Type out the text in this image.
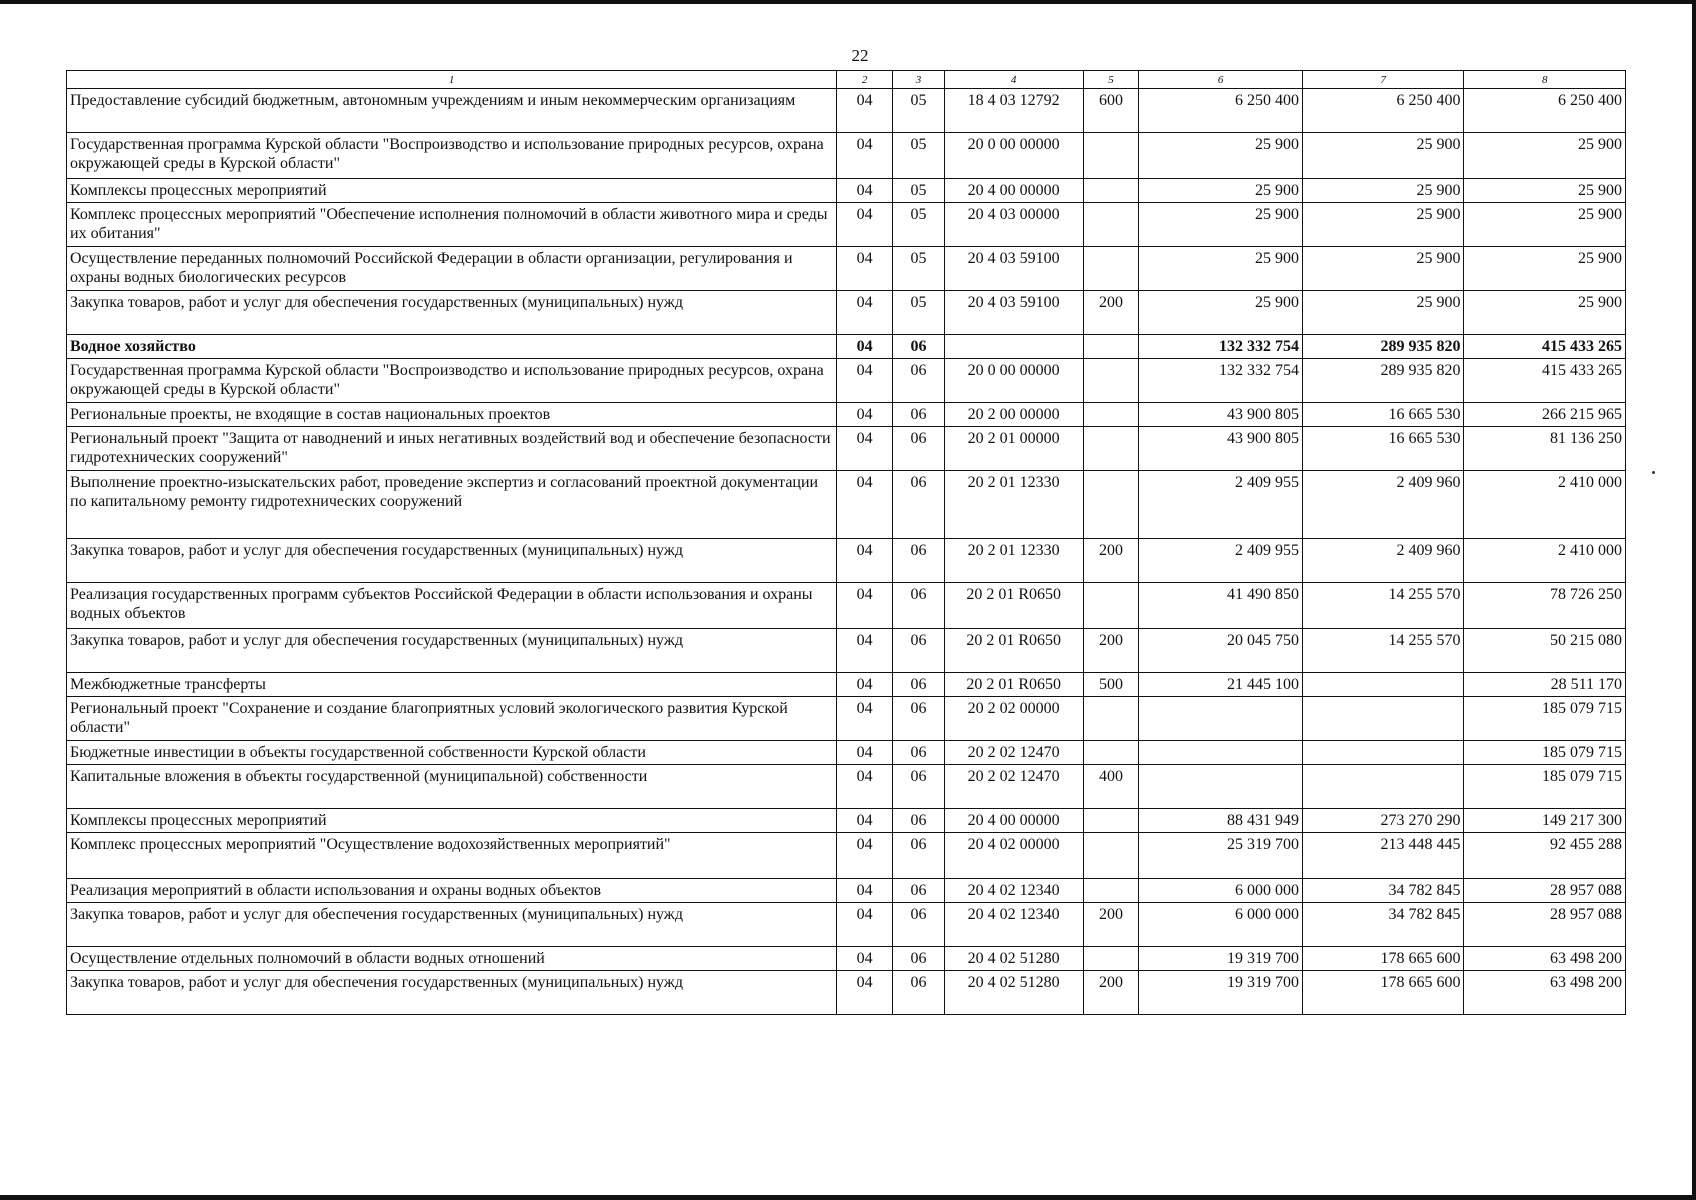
22
1	2	3	4	5	6	7	8
Предоставление субсидий бюджетным, автономным учреждениям и иным некоммерческим организациям	04	05	18 4 03 12792	600	6 250 400	6 250 400	6 250 400
Государственная программа Курской области "Воспроизводство и использование природных ресурсов, охрана окружающей среды в Курской области"	04	05	20 0 00 00000		25 900	25 900	25 900
Комплексы процессных мероприятий	04	05	20 4 00 00000		25 900	25 900	25 900
Комплекс процессных мероприятий "Обеспечение исполнения полномочий в области животного мира и среды их обитания"	04	05	20 4 03 00000		25 900	25 900	25 900
Осуществление переданных полномочий Российской Федерации в области организации, регулирования и охраны водных биологических ресурсов	04	05	20 4 03 59100		25 900	25 900	25 900
Закупка товаров, работ и услуг для обеспечения государственных (муниципальных) нужд	04	05	20 4 03 59100	200	25 900	25 900	25 900
Водное хозяйство	04	06			132 332 754	289 935 820	415 433 265
Государственная программа Курской области "Воспроизводство и использование природных ресурсов, охрана окружающей среды в Курской области"	04	06	20 0 00 00000		132 332 754	289 935 820	415 433 265
Региональные проекты, не входящие в состав национальных проектов	04	06	20 2 00 00000		43 900 805	16 665 530	266 215 965
Региональный проект "Защита от наводнений и иных негативных воздействий вод и обеспечение безопасности гидротехнических сооружений"	04	06	20 2 01 00000		43 900 805	16 665 530	81 136 250
Выполнение проектно-изыскательских работ, проведение экспертиз и согласований проектной документации по капитальному ремонту гидротехнических сооружений	04	06	20 2 01 12330		2 409 955	2 409 960	2 410 000
Закупка товаров, работ и услуг для обеспечения государственных (муниципальных) нужд	04	06	20 2 01 12330	200	2 409 955	2 409 960	2 410 000
Реализация государственных программ субъектов Российской Федерации в области использования и охраны водных объектов	04	06	20 2 01 R0650		41 490 850	14 255 570	78 726 250
Закупка товаров, работ и услуг для обеспечения государственных (муниципальных) нужд	04	06	20 2 01 R0650	200	20 045 750	14 255 570	50 215 080
Межбюджетные трансферты	04	06	20 2 01 R0650	500	21 445 100		28 511 170
Региональный проект "Сохранение и создание благоприятных условий экологического развития Курской области"	04	06	20 2 02 00000				185 079 715
Бюджетные инвестиции в объекты государственной собственности Курской области	04	06	20 2 02 12470				185 079 715
Капитальные вложения в объекты государственной (муниципальной) собственности	04	06	20 2 02 12470	400			185 079 715
Комплексы процессных мероприятий	04	06	20 4 00 00000		88 431 949	273 270 290	149 217 300
Комплекс процессных мероприятий "Осуществление водохозяйственных мероприятий"	04	06	20 4 02 00000		25 319 700	213 448 445	92 455 288
Реализация мероприятий в области использования и охраны водных объектов	04	06	20 4 02 12340		6 000 000	34 782 845	28 957 088
Закупка товаров, работ и услуг для обеспечения государственных (муниципальных) нужд	04	06	20 4 02 12340	200	6 000 000	34 782 845	28 957 088
Осуществление отдельных полномочий в области водных отношений	04	06	20 4 02 51280		19 319 700	178 665 600	63 498 200
Закупка товаров, работ и услуг для обеспечения государственных (муниципальных) нужд	04	06	20 4 02 51280	200	19 319 700	178 665 600	63 498 200
